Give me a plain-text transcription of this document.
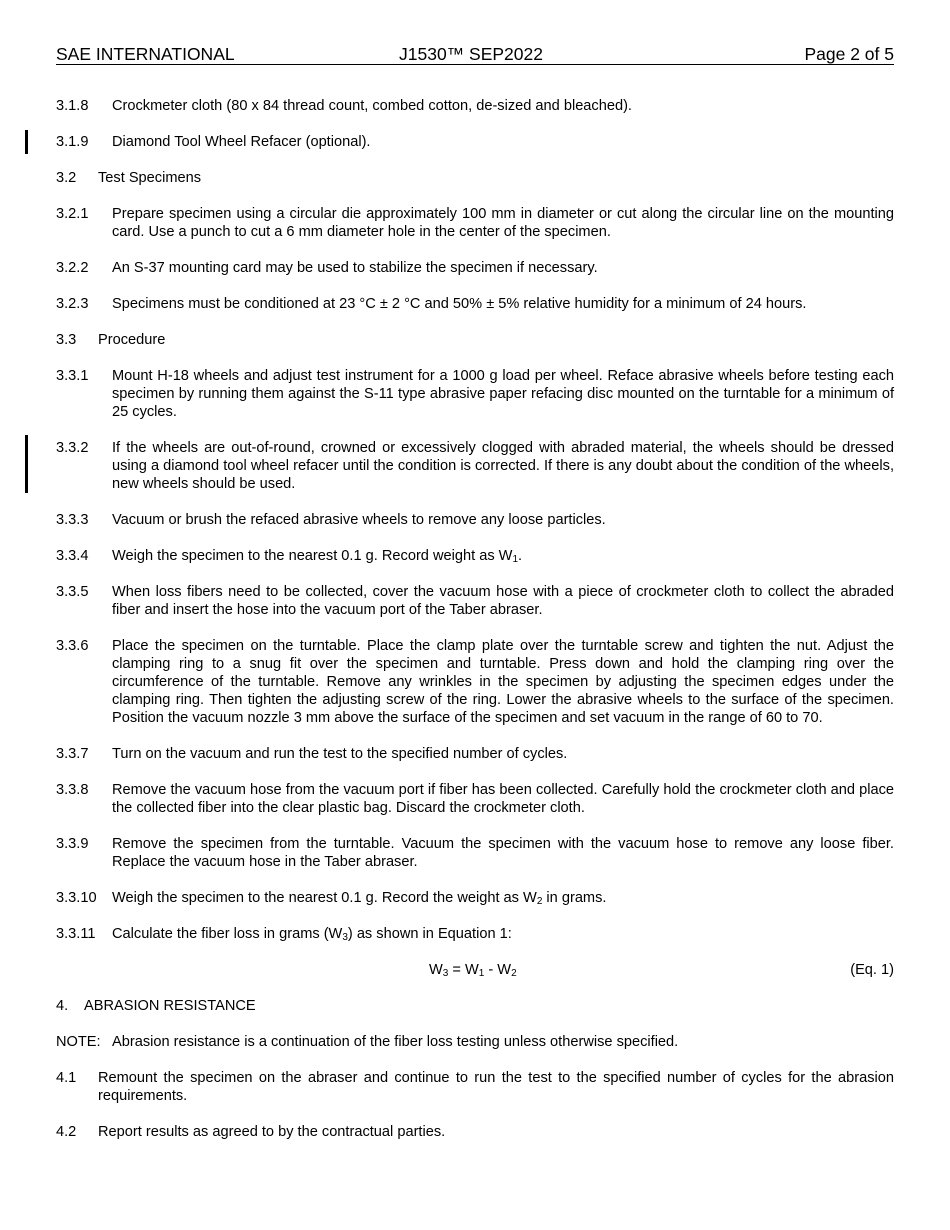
SAE INTERNATIONAL	J1530™ SEP2022	Page 2 of 5
3.1.8	Crockmeter cloth (80 x 84 thread count, combed cotton, de-sized and bleached).
3.1.9	Diamond Tool Wheel Refacer (optional).
3.2	Test Specimens
3.2.1	Prepare specimen using a circular die approximately 100 mm in diameter or cut along the circular line on the mounting card. Use a punch to cut a 6 mm diameter hole in the center of the specimen.
3.2.2	An S-37 mounting card may be used to stabilize the specimen if necessary.
3.2.3	Specimens must be conditioned at 23 °C ± 2 °C and 50% ± 5% relative humidity for a minimum of 24 hours.
3.3	Procedure
3.3.1	Mount H-18 wheels and adjust test instrument for a 1000 g load per wheel. Reface abrasive wheels before testing each specimen by running them against the S-11 type abrasive paper refacing disc mounted on the turntable for a minimum of 25 cycles.
3.3.2	If the wheels are out-of-round, crowned or excessively clogged with abraded material, the wheels should be dressed using a diamond tool wheel refacer until the condition is corrected. If there is any doubt about the condition of the wheels, new wheels should be used.
3.3.3	Vacuum or brush the refaced abrasive wheels to remove any loose particles.
3.3.4	Weigh the specimen to the nearest 0.1 g. Record weight as $W_1$.
3.3.5	When loss fibers need to be collected, cover the vacuum hose with a piece of crockmeter cloth to collect the abraded fiber and insert the hose into the vacuum port of the Taber abraser.
3.3.6	Place the specimen on the turntable. Place the clamp plate over the turntable screw and tighten the nut. Adjust the clamping ring to a snug fit over the specimen and turntable. Press down and hold the clamping ring over the circumference of the turntable. Remove any wrinkles in the specimen by adjusting the specimen edges under the clamping ring. Then tighten the adjusting screw of the ring. Lower the abrasive wheels to the surface of the specimen. Position the vacuum nozzle 3 mm above the surface of the specimen and set vacuum in the range of 60 to 70.
3.3.7	Turn on the vacuum and run the test to the specified number of cycles.
3.3.8	Remove the vacuum hose from the vacuum port if fiber has been collected. Carefully hold the crockmeter cloth and place the collected fiber into the clear plastic bag. Discard the crockmeter cloth.
3.3.9	Remove the specimen from the turntable. Vacuum the specimen with the vacuum hose to remove any loose fiber. Replace the vacuum hose in the Taber abraser.
3.3.10	Weigh the specimen to the nearest 0.1 g. Record the weight as $W_2$ in grams.
3.3.11	Calculate the fiber loss in grams $(W_3)$ as shown in Equation 1:
$W_3 = W_1 - W_2$	(Eq. 1)
4.	ABRASION RESISTANCE
NOTE: Abrasion resistance is a continuation of the fiber loss testing unless otherwise specified.
4.1	Remount the specimen on the abraser and continue to run the test to the specified number of cycles for the abrasion requirements.
4.2	Report results as agreed to by the contractual parties.
